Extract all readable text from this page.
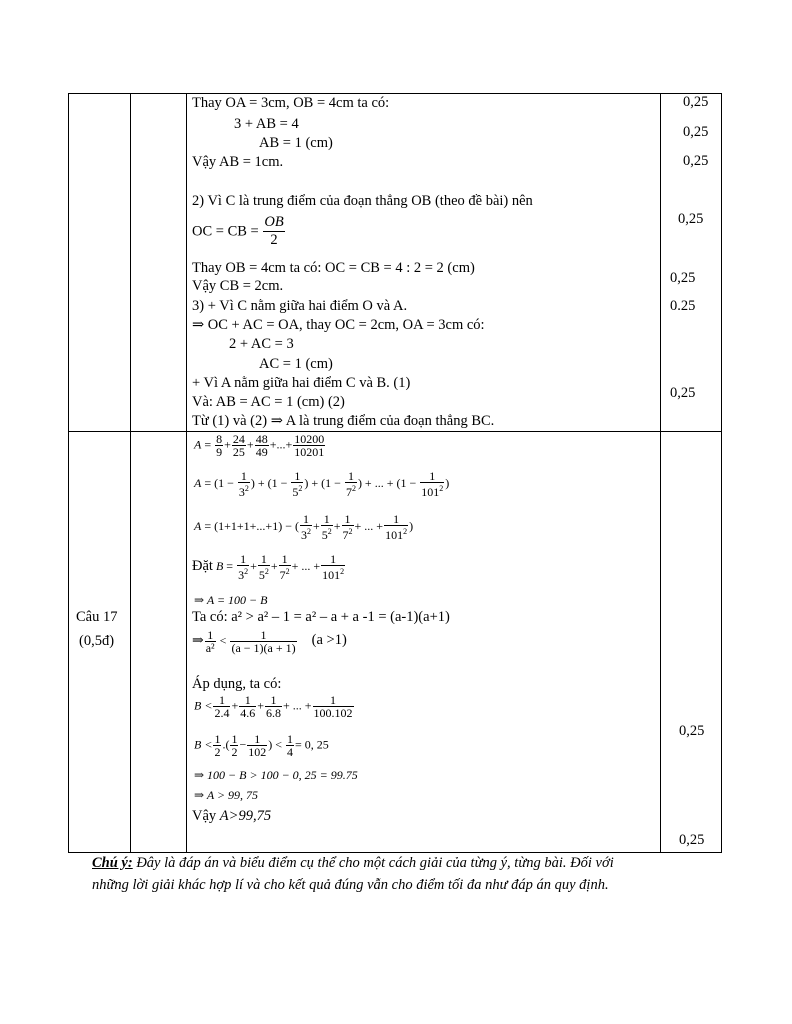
Thay OA = 3cm, OB = 4cm ta có:
3 + AB = 4
AB = 1 (cm)
Vậy AB = 1cm.
2) Vì C là trung điểm của đoạn thẳng OB (theo đề bài) nên
OC = CB = $\frac{OB}{2}$
Thay OB = 4cm ta có: OC = CB = 4 : 2 = 2 (cm)
Vậy CB = 2cm.
3) + Vì C nằm giữa hai điểm O và A.
⇒ OC + AC = OA, thay OC = 2cm, OA = 3cm có:
2 + AC = 3
AC = 1 (cm)
+ Vì A nằm giữa hai điểm C và B. (1)
Và: AB = AC = 1 (cm) (2)
Từ (1) và (2) ⇒ A là trung điểm của đoạn thẳng BC.
0,25
0,25
0,25
0,25
0,25
0.25
0,25
Câu 17
(0,5đ)
$A = \frac{8}{9} + \frac{24}{25} + \frac{48}{49}$ +...+ $\frac{10200}{10201}$
$A = (1 - \frac{1}{3^2}$ ) + ($1 - \frac{1}{5^2}$ ) + ($1 - \frac{1}{7^2}$ ) + ... + ($1 - \frac{1}{101^2}$ )
A = (1+1+1+...+1) − ( $\frac{1}{3^2} + \frac{1}{5^2} + \frac{1}{7^2}$ + ... + $\frac{1}{101^2}$ )
Đặt $B = \frac{1}{3^2} + \frac{1}{5^2} + \frac{1}{7^2}$ + ... + $\frac{1}{101^2}$
⇒ A = 100 − B
Ta có: a² > a² – 1 = a² – a + a -1 = (a-1)(a+1)
⇒ $\frac{1}{\text{a²}} < \frac{1}{(a - 1)(a + 1)} (a >1)$
Áp dụng, ta có:
$B < \frac{1}{2.4} + \frac{1}{4.6} + \frac{1}{6.8}$ + ... + $\frac{1}{100.102}$
$B < \frac{1}{2}$ .( $\frac{1}{2} - \frac{1}{102}$ ) < $\frac{1}{4} = 0$, 25
⇒ 100 − B > 100 − 0, 25 = 99.75
⇒ A > 99, 75
Vậy A>99,75
0,25
0,25
Chú ý: Đây là đáp án và biểu điểm cụ thể cho một cách giải của từng ý, từng bài. Đối với
những lời giải khác hợp lí và cho kết quả đúng vẫn cho điểm tối đa như đáp án quy định.
